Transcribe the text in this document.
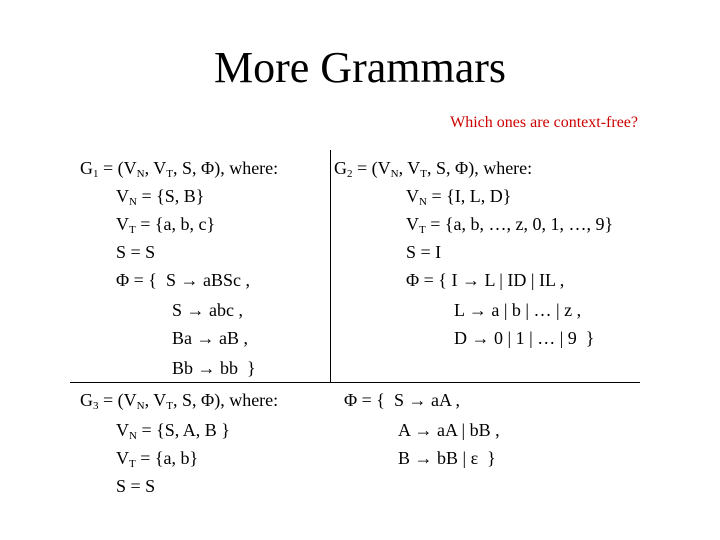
More Grammars
Which ones are context-free?
$G_1 = (V_N$, $V_T$, S, Φ), where:
$V_N = \{S$, B}
$V_T = \{a$, b, c}
S = S
Φ = {  S → aBSc ,
S → abc ,
Ba → aB ,
Bb → bb  }
$G_2 = (V_N$, $V_T$, S, Φ), where:
$V_N = \{I$, L, D}
$V_T = \{a$, b, …, z, 0, 1, …, 9}
S = I
Φ = { I → L | ID | IL ,
L → a | b | … | z ,
D → 0 | 1 | … | 9  }
$G_3 = (V_N$, $V_T$, S, Φ), where:
$V_N = \{S$, A, B }
$V_T = \{a$, b}
S = S
Φ = {  S → aA ,
A → aA | bB ,
B → bB | ε  }
